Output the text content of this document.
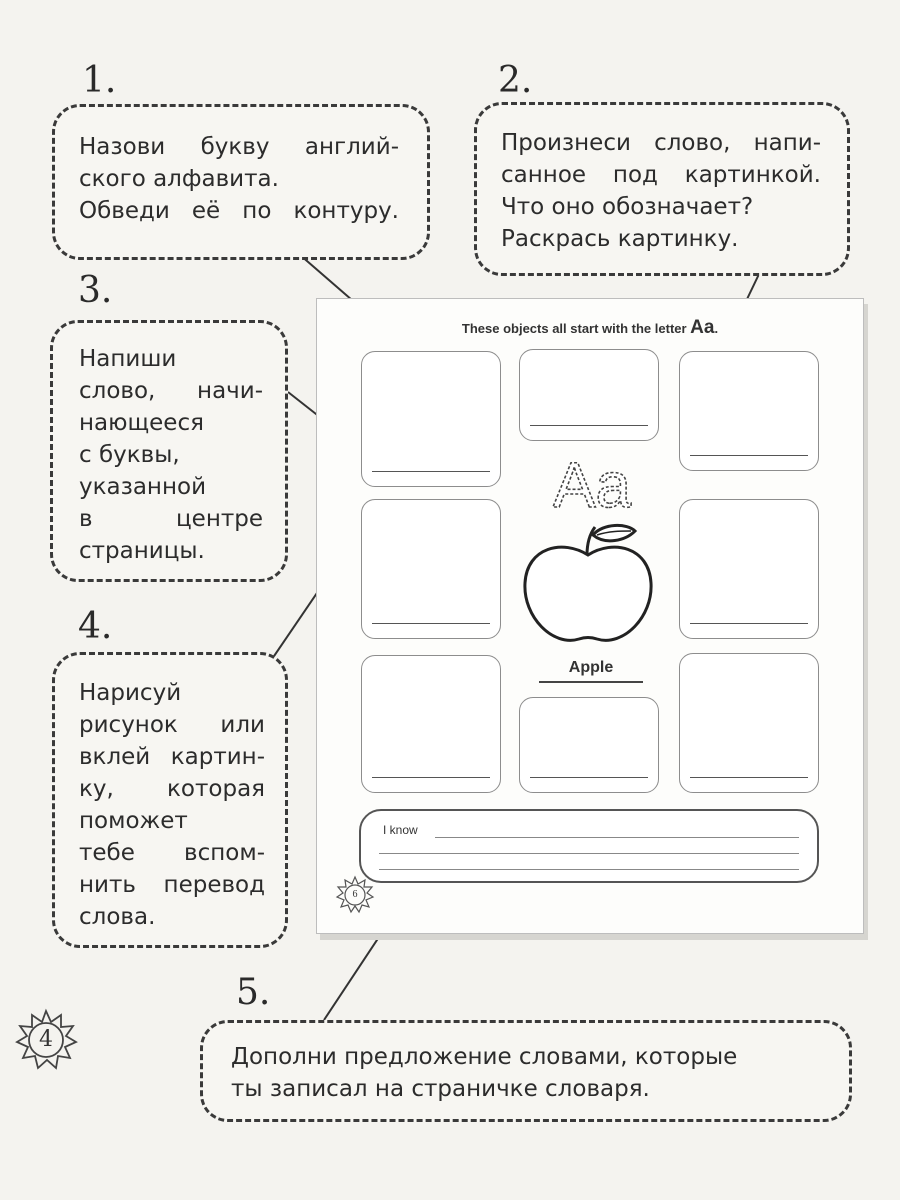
1.	2.
3.
4.
5.
Назови букву англий-
ского алфавита.
Обведи её по контуру.
Произнеси слово, напи-
санное под картинкой.
Что оно обозначает?
Раскрась картинку.
Напиши
слово, начи-
нающееся
с буквы,
указанной
в центре
страницы.
Нарисуй
рисунок или
вклей картин-
ку, которая
поможет
тебе вспом-
нить перевод
слова.
Дополни предложение словами, которые
ты записал на страничке словаря.
These objects all start with the letter Aa.
Aa
Apple
I know
6
4
